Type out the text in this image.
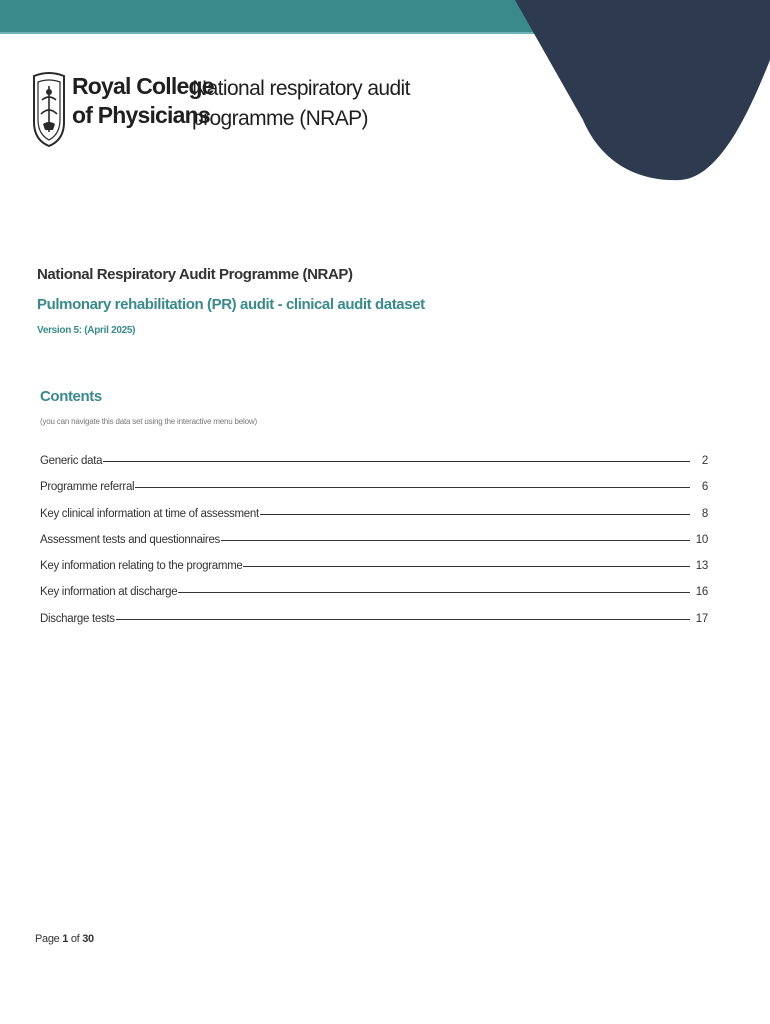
Royal College
of Physicians
National respiratory audit
programme (NRAP)
National Respiratory Audit Programme (NRAP)
Pulmonary rehabilitation (PR) audit - clinical audit dataset
Version 5: (April 2025)
Contents
(you can navigate this data set using the interactive menu below)
Generic data	2
Programme referral	6
Key clinical information at time of assessment	8
Assessment tests and questionnaires	10
Key information relating to the programme	13
Key information at discharge	16
Discharge tests	17
Page 1 of 30
